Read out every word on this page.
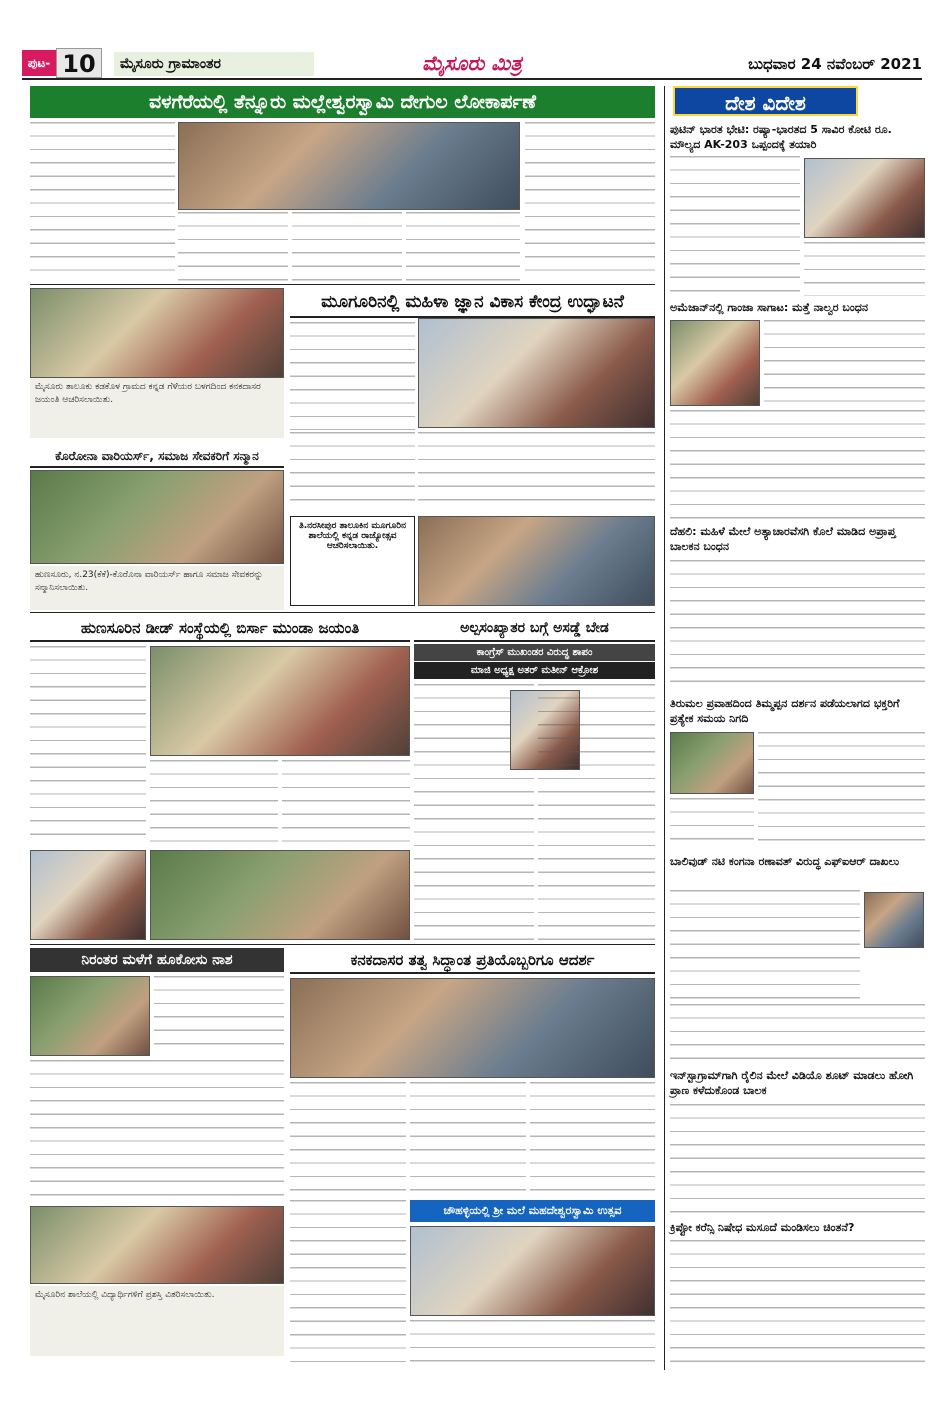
ಪುಟ- 10	ಮೈಸೂರು ಗ್ರಾಮಾಂತರ	ಮೈಸೂರು ಮಿತ್ರ	ಬುಧವಾರ 24 ನವೆಂಬರ್ 2021
ವಳಗೆರೆಯಲ್ಲಿ ತೆನ್ನೂರು ಮಲ್ಲೇಶ್ವರಸ್ವಾಮಿ ದೇಗುಲ ಲೋಕಾರ್ಪಣೆ
ಮೈಸೂರು ತಾಲೂಕು ಕಡಕೊಳ ಗ್ರಾಮದ ಕನ್ನಡ ಗೆಳೆಯರ ಬಳಗದಿಂದ ಕನಕದಾಸರ ಜಯಂತಿ ಆಚರಿಸಲಾಯಿತು.
ಮೂಗೂರಿನಲ್ಲಿ ಮಹಿಳಾ ಜ್ಞಾನ ವಿಕಾಸ ಕೇಂದ್ರ ಉದ್ಘಾಟನೆ
ಕೊರೋನಾ ವಾರಿಯರ್ಸ್, ಸಮಾಜ ಸೇವಕರಿಗೆ ಸನ್ಮಾನ
ಹುಣಸೂರು, ನ.23(ಕೆಕೆ)-ಕೊರೊನಾ ವಾರಿಯರ್ಸ್ ಹಾಗೂ ಸಮಾಜ ಸೇವಕರನ್ನು ಸನ್ಮಾನಿಸಲಾಯಿತು.
ತಿ.ನರಸೀಪುರ ತಾಲೂಕಿನ ಮೂಗೂರಿನ ಶಾಲೆಯಲ್ಲಿ ಕನ್ನಡ ರಾಜ್ಯೋತ್ಸವ ಆಚರಿಸಲಾಯಿತು.
ಹುಣಸೂರಿನ ಡೀಡ್ ಸಂಸ್ಥೆಯಲ್ಲಿ ಬಿರ್ಸಾ ಮುಂಡಾ ಜಯಂತಿ	ಅಲ್ಪಸಂಖ್ಯಾತರ ಬಗ್ಗೆ ಅಸಡ್ಡೆ ಬೇಡ
ಕಾಂಗ್ರೆಸ್ ಮುಖಂಡರ ವಿರುದ್ಧ ಶಾಪಂ
ಮಾಜಿ ಅಧ್ಯಕ್ಷ ಅತರ್ ಮತೀನ್ ಆಕ್ರೋಶ
ನಿರಂತರ ಮಳೆಗೆ ಹೂಕೋಸು ನಾಶ
ಮೈಸೂರಿನ ಶಾಲೆಯಲ್ಲಿ ವಿದ್ಯಾರ್ಥಿಗಳಿಗೆ ಪ್ರಶಸ್ತಿ ವಿತರಿಸಲಾಯಿತು.
ಕನಕದಾಸರ ತತ್ವ ಸಿದ್ಧಾಂತ ಪ್ರತಿಯೊಬ್ಬರಿಗೂ ಆದರ್ಶ
ಚೌಹಳ್ಳಿಯಲ್ಲಿ ಶ್ರೀ ಮಲೆ ಮಹದೇಶ್ವರಸ್ವಾಮಿ ಉತ್ಸವ
ದೇಶ ವಿದೇಶ
ಪುಟಿನ್ ಭಾರತ ಭೇಟಿ: ರಷ್ಯಾ-ಭಾರತದ 5 ಸಾವಿರ ಕೋಟಿ ರೂ. ಮೌಲ್ಯದ AK-203 ಒಪ್ಪಂದಕ್ಕೆ ತಯಾರಿ
ಅಮೆಜಾನ್‌ನಲ್ಲಿ ಗಾಂಜಾ ಸಾಗಾಟ: ಮತ್ತೆ ನಾಲ್ವರ ಬಂಧನ
ದೆಹಲಿ: ಮಹಿಳೆ ಮೇಲೆ ಅತ್ಯಾಚಾರವೆಸಗಿ ಕೊಲೆ ಮಾಡಿದ ಅಪ್ರಾಪ್ತ ಬಾಲಕನ ಬಂಧನ
ತಿರುಮಲ ಪ್ರವಾಹದಿಂದ ತಿಮ್ಮಪ್ಪನ ದರ್ಶನ ಪಡೆಯಲಾಗದ ಭಕ್ತರಿಗೆ ಪ್ರತ್ಯೇಕ ಸಮಯ ನಿಗದಿ
ಬಾಲಿವುಡ್ ನಟಿ ಕಂಗನಾ ರಣಾವತ್ ವಿರುದ್ಧ ಎಫ್‌ಐಆರ್ ದಾಖಲು
ಇನ್‌ಸ್ಟಾಗ್ರಾಮ್‌ಗಾಗಿ ರೈಲಿನ ಮೇಲೆ ವಿಡಿಯೊ ಶೂಟ್ ಮಾಡಲು ಹೋಗಿ ಪ್ರಾಣ ಕಳೆದುಕೊಂಡ ಬಾಲಕ
ಕ್ರಿಪ್ಟೋ ಕರೆನ್ಸಿ ನಿಷೇಧ ಮಸೂದೆ ಮಂಡಿಸಲು ಚಿಂತನೆ?
